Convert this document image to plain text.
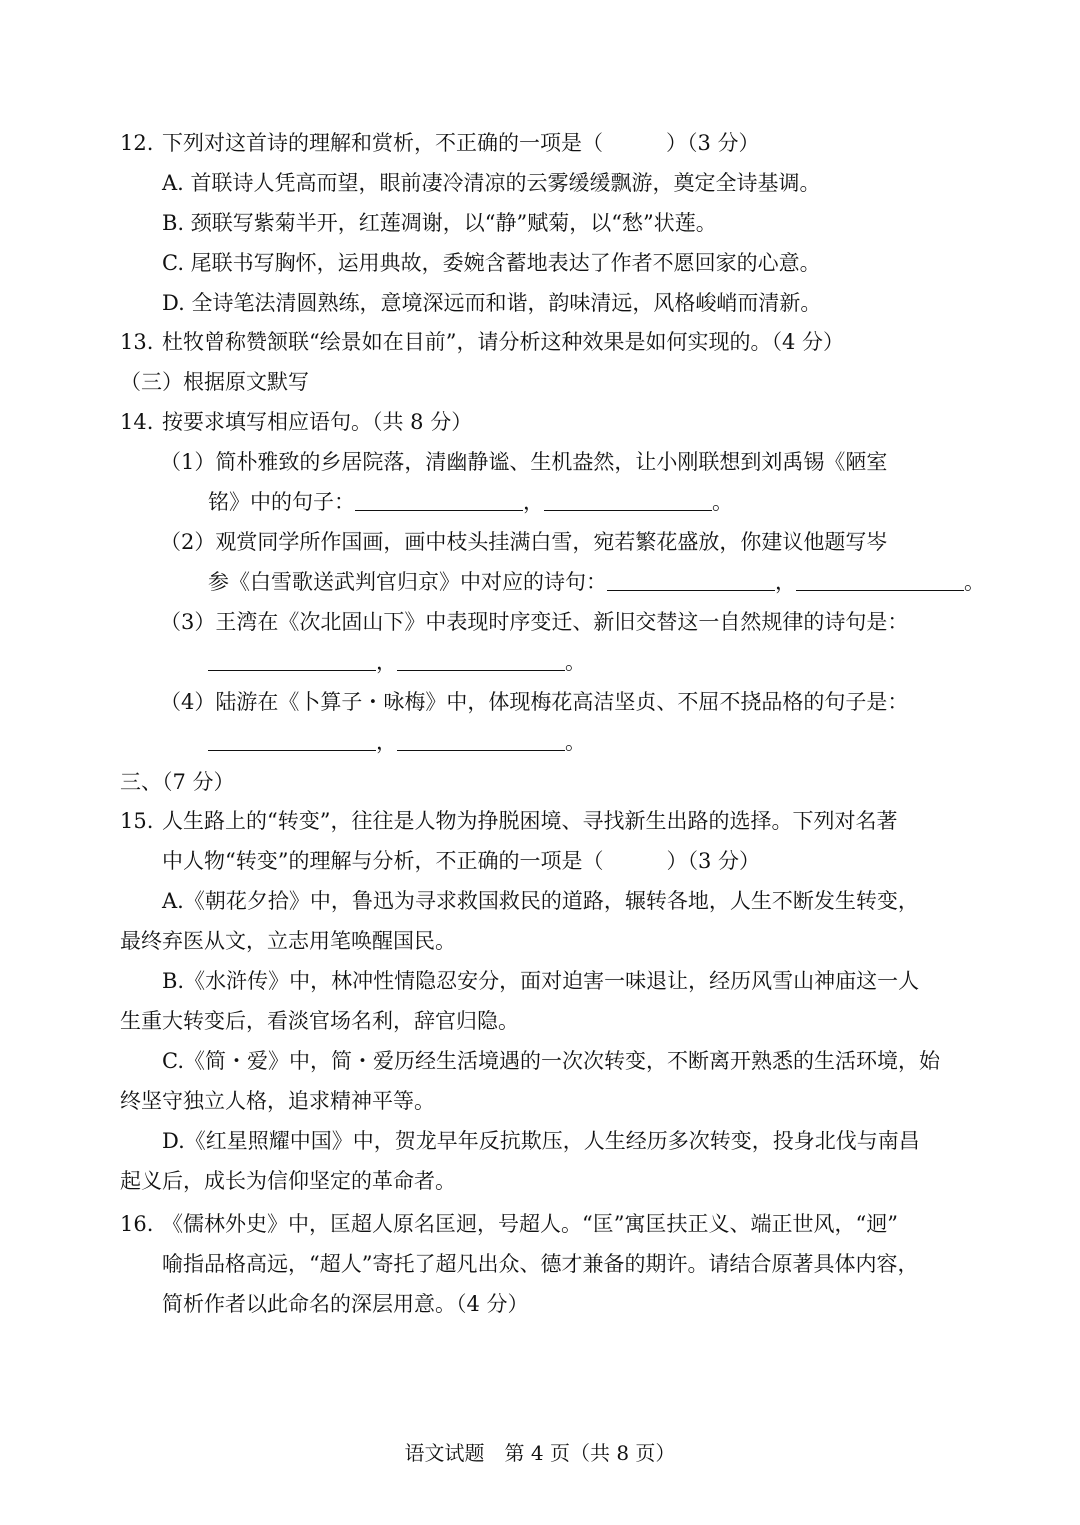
12. 下列对这首诗的理解和赏析，不正确的一项是（　　　）（3 分）
A. 首联诗人凭高而望，眼前凄冷清凉的云雾缓缓飘游，奠定全诗基调。
B. 颈联写紫菊半开，红莲凋谢，以“静”赋菊，以“愁”状莲。
C. 尾联书写胸怀，运用典故，委婉含蓄地表达了作者不愿回家的心意。
D. 全诗笔法清圆熟练，意境深远而和谐，韵味清远，风格峻峭而清新。
13. 杜牧曾称赞颔联“绘景如在目前”，请分析这种效果是如何实现的。（4 分）
（三）根据原文默写
14. 按要求填写相应语句。（共 8 分）
（1）简朴雅致的乡居院落，清幽静谧、生机盎然，让小刚联想到刘禹锡《陋室
铭》中的句子：	，	。
（2）观赏同学所作国画，画中枝头挂满白雪，宛若繁花盛放，你建议他题写岑
参《白雪歌送武判官归京》中对应的诗句：	，	。
（3）王湾在《次北固山下》中表现时序变迁、新旧交替这一自然规律的诗句是：
，	。
（4）陆游在《卜算子・咏梅》中，体现梅花高洁坚贞、不屈不挠品格的句子是：
，	。
三、（7 分）
15. 人生路上的“转变”，往往是人物为挣脱困境、寻找新生出路的选择。下列对名著
中人物“转变”的理解与分析，不正确的一项是（　　　）（3 分）
A.《朝花夕拾》中，鲁迅为寻求救国救民的道路，辗转各地，人生不断发生转变，
最终弃医从文，立志用笔唤醒国民。
B.《水浒传》中，林冲性情隐忍安分，面对迫害一味退让，经历风雪山神庙这一人
生重大转变后，看淡官场名利，辞官归隐。
C.《简・爱》中，简・爱历经生活境遇的一次次转变，不断离开熟悉的生活环境，始
终坚守独立人格，追求精神平等。
D.《红星照耀中国》中，贺龙早年反抗欺压，人生经历多次转变，投身北伐与南昌
起义后，成长为信仰坚定的革命者。
16. 《儒林外史》中，匡超人原名匡迥，号超人。“匡”寓匡扶正义、端正世风，“迥”
喻指品格高远，“超人”寄托了超凡出众、德才兼备的期许。请结合原著具体内容，
简析作者以此命名的深层用意。（4 分）
语文试题　第 4 页（共 8 页）
